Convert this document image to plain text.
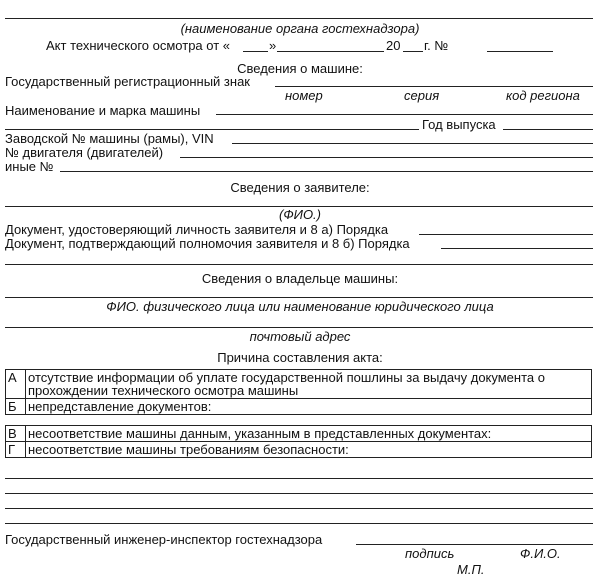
(наименование органа гостехнадзора)
Акт технического осмотра от «	»	20 г. №
Сведения о машине:
Государственный регистрационный знак
номер	серия	код региона
Наименование и марка машины
Год выпуска
Заводской № машины (рамы), VIN
№ двигателя (двигателей)
иные №
Сведения о заявителе:
(ФИО.)
Документ, удостоверяющий личность заявителя и 8 а) Порядка
Документ, подтверждающий полномочия заявителя и 8 б) Порядка
Сведения о владельце машины:
ФИО. физического лица или наименование юридического лица
почтовый адрес
Причина составления акта:
А	отсутствие информации об уплате государственной пошлины за выдачу документа о
прохождении технического осмотра машины

Б	непредставление документов:
В	несоответствие машины данным, указанным в представленных документах:
Г	несоответствие машины требованиям безопасности:
Государственный инженер-инспектор гостехнадзора
подпись	Ф.И.О.
М.П.
